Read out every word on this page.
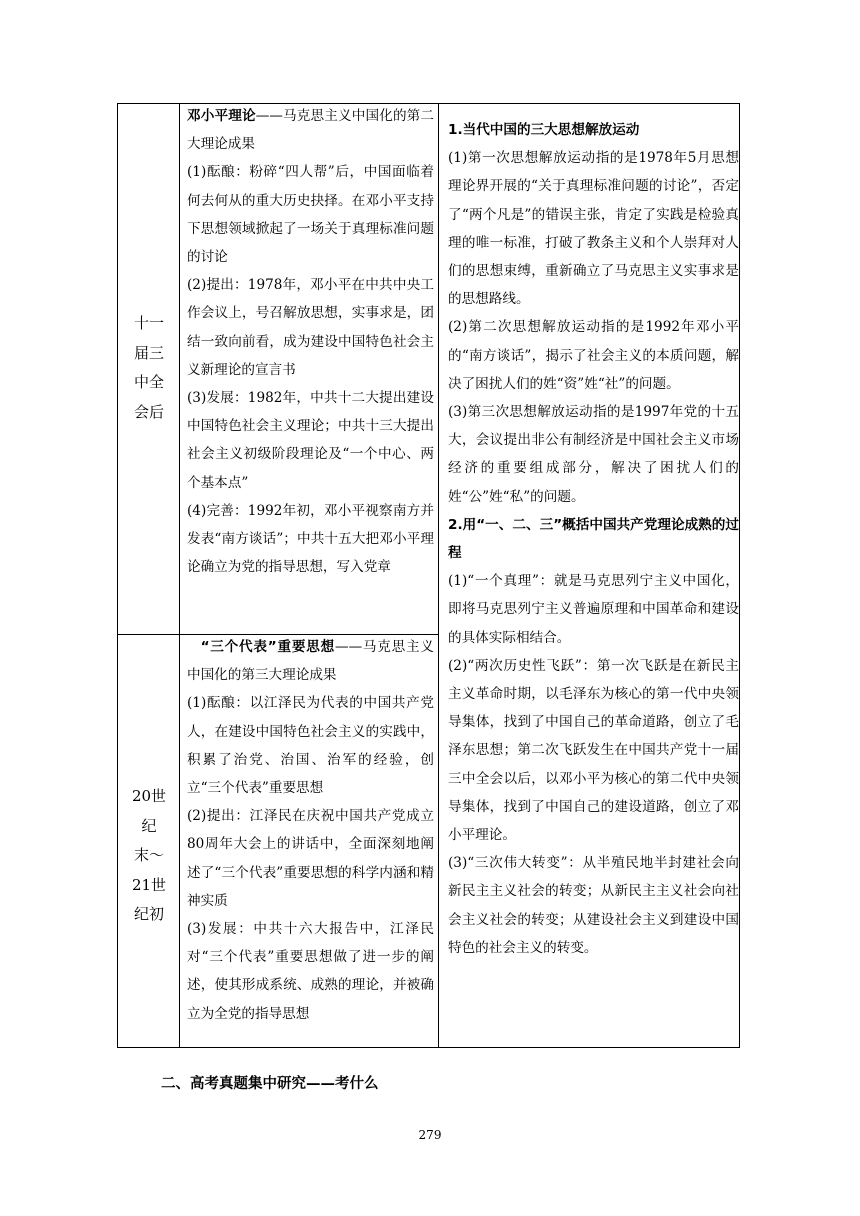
十一
届三
中全
会后

邓小平理论——马克思主义中国化的第二大理论成果

(1)酝酿：粉碎“四人帮”后，中国面临着何去何从的重大历史抉择。在邓小平支持下思想领域掀起了一场关于真理标准问题的讨论

(2)提出：1978年，邓小平在中共中央工作会议上，号召解放思想，实事求是，团结一致向前看，成为建设中国特色社会主义新理论的宣言书

(3)发展：1982年，中共十二大提出建设中国特色社会主义理论；中共十三大提出社会主义初级阶段理论及“一个中心、两个基本点”

(4)完善：1992年初，邓小平视察南方并发表“南方谈话”；中共十五大把邓小平理论确立为党的指导思想，写入党章

20世
纪
末～
21世
纪初

“三个代表”重要思想——马克思主义中国化的第三大理论成果

(1)酝酿：以江泽民为代表的中国共产党人，在建设中国特色社会主义的实践中，积累了治党、治国、治军的经验，创立“三个代表”重要思想

(2)提出：江泽民在庆祝中国共产党成立80周年大会上的讲话中，全面深刻地阐述了“三个代表”重要思想的科学内涵和精神实质

(3)发展：中共十六大报告中，江泽民对“三个代表”重要思想做了进一步的阐述，使其形成系统、成熟的理论，并被确立为全党的指导思想

1.当代中国的三大思想解放运动

(1)第一次思想解放运动指的是1978年5月思想理论界开展的“关于真理标准问题的讨论”，否定了“两个凡是”的错误主张，肯定了实践是检验真理的唯一标准，打破了教条主义和个人崇拜对人们的思想束缚，重新确立了马克思主义实事求是的思想路线。

(2)第二次思想解放运动指的是1992年邓小平的“南方谈话”，揭示了社会主义的本质问题，解决了困扰人们的姓“资”姓“社”的问题。

(3)第三次思想解放运动指的是1997年党的十五大，会议提出非公有制经济是中国社会主义市场经济的重要组成部分，解决了困扰人们的姓“公”姓“私”的问题。

2.用“一、二、三”概括中国共产党理论成熟的过程

(1)“一个真理”：就是马克思列宁主义中国化，即将马克思列宁主义普遍原理和中国革命和建设的具体实际相结合。

(2)“两次历史性飞跃”：第一次飞跃是在新民主主义革命时期，以毛泽东为核心的第一代中央领导集体，找到了中国自己的革命道路，创立了毛泽东思想；第二次飞跃发生在中国共产党十一届三中全会以后，以邓小平为核心的第二代中央领导集体，找到了中国自己的建设道路，创立了邓小平理论。

(3)“三次伟大转变”：从半殖民地半封建社会向新民主主义社会的转变；从新民主主义社会向社会主义社会的转变；从建设社会主义到建设中国特色的社会主义的转变。

二、高考真题集中研究——考什么
279
